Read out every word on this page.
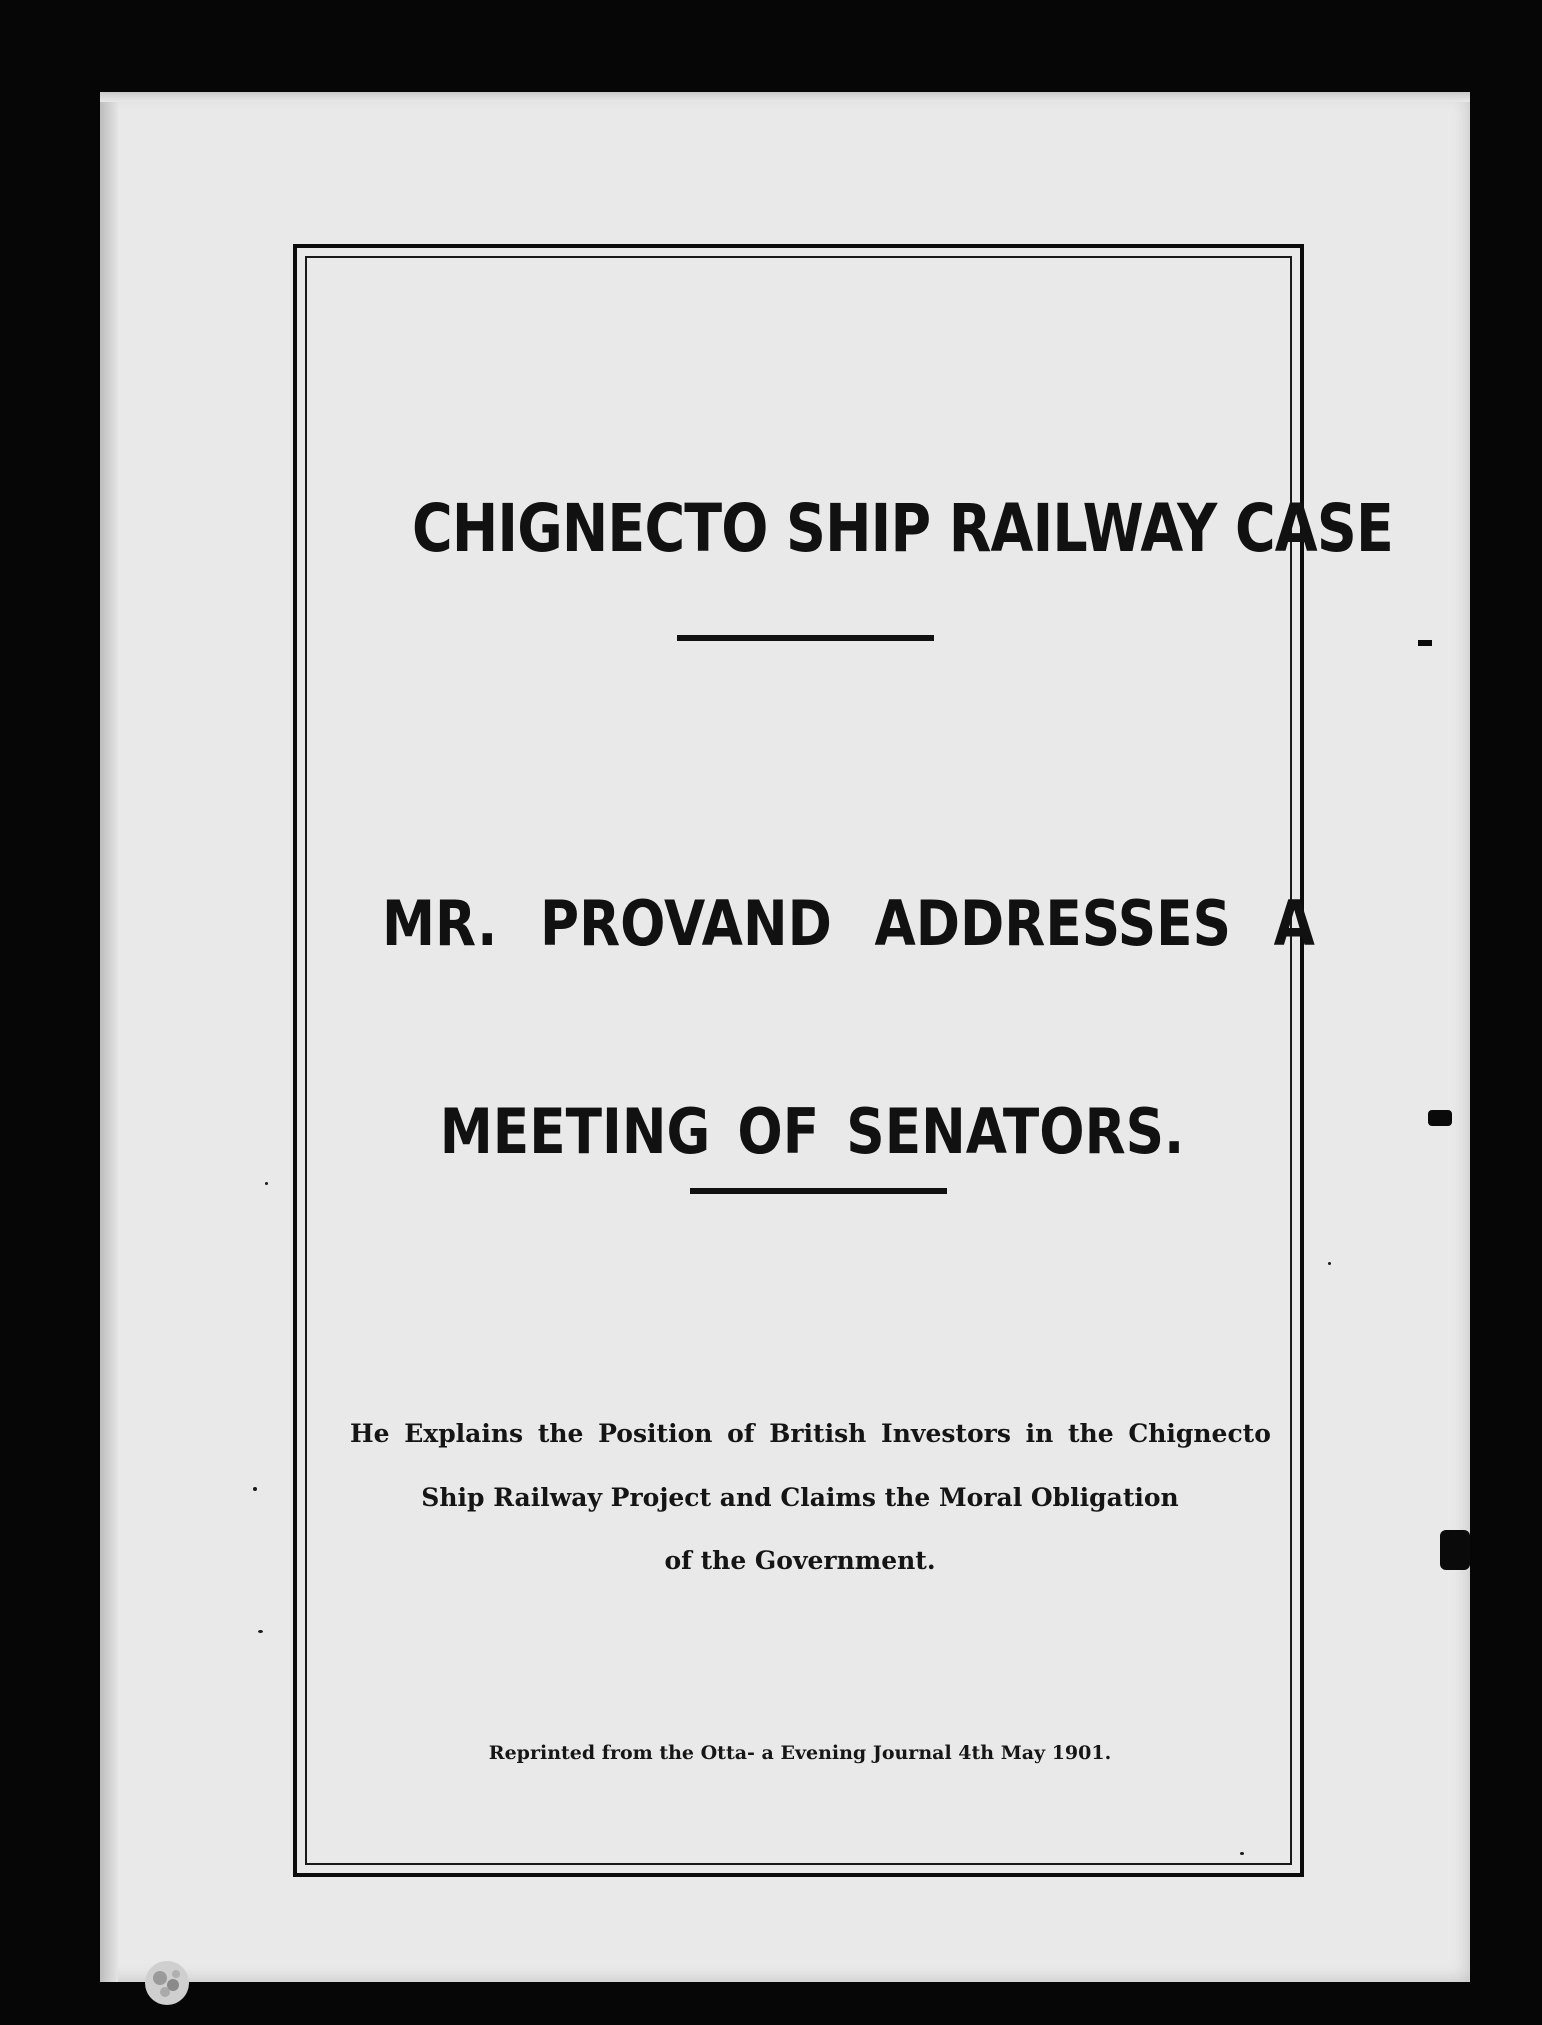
CHIGNECTO SHIP RAILWAY CASE
MR. PROVAND ADDRESSES A
MEETING OF SENATORS.
He Explains the Position of British Investors in the Chignecto
Ship Railway Project and Claims the Moral Obligation
of the Government.
Reprinted from the Otta⁠- a Evening Journal 4th May 1901.
